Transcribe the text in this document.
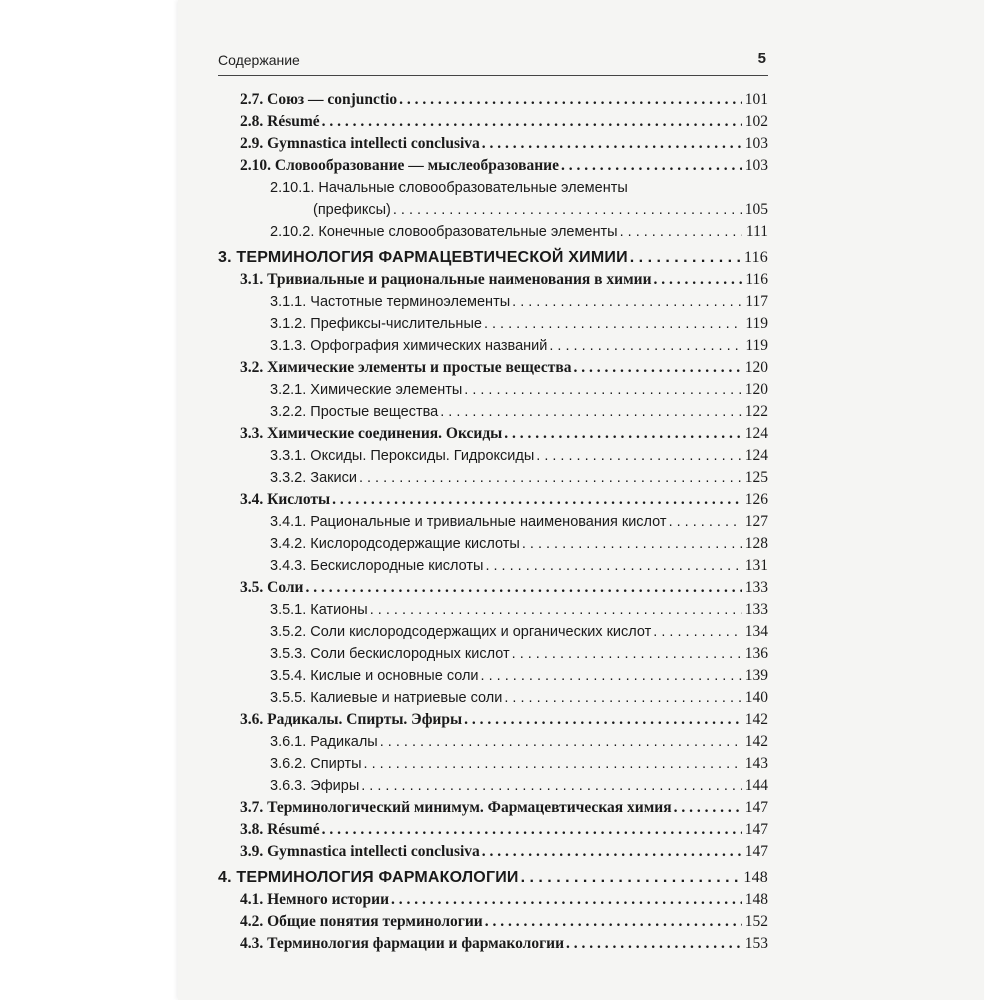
Содержание	5
2.7. Союз — conjunctio . . .	101
2.8. Résumé . . .	102
2.9. Gymnastica intellecti conclusiva . . .	103
2.10. Словообразование — мыслеобразование . . .	103
2.10.1. Начальные словообразовательные элементы
(префиксы) . . .	105
2.10.2. Конечные словообразовательные элементы . . .	111
3. ТЕРМИНОЛОГИЯ ФАРМАЦЕВТИЧЕСКОЙ ХИМИИ . . .	116
3.1. Тривиальные и рациональные наименования в химии . . .	116
3.1.1. Частотные терминоэлементы . . .	117
3.1.2. Префиксы-числительные . . .	119
3.1.3. Орфография химических названий . . .	119
3.2. Химические элементы и простые вещества . . .	120
3.2.1. Химические элементы . . .	120
3.2.2. Простые вещества . . .	122
3.3. Химические соединения. Оксиды . . .	124
3.3.1. Оксиды. Пероксиды. Гидроксиды . . .	124
3.3.2. Закиси . . .	125
3.4. Кислоты . . .	126
3.4.1. Рациональные и тривиальные наименования кислот . . .	127
3.4.2. Кислородсодержащие кислоты . . .	128
3.4.3. Бескислородные кислоты . . .	131
3.5. Соли . . .	133
3.5.1. Катионы . . .	133
3.5.2. Соли кислородсодержащих и органических кислот . . .	134
3.5.3. Соли бескислородных кислот . . .	136
3.5.4. Кислые и основные соли . . .	139
3.5.5. Калиевые и натриевые соли . . .	140
3.6. Радикалы. Спирты. Эфиры . . .	142
3.6.1. Радикалы . . .	142
3.6.2. Спирты . . .	143
3.6.3. Эфиры . . .	144
3.7. Терминологический минимум. Фармацевтическая химия . . .	147
3.8. Résumé . . .	147
3.9. Gymnastica intellecti conclusiva . . .	147
4. ТЕРМИНОЛОГИЯ ФАРМАКОЛОГИИ . . .	148
4.1. Немного истории . . .	148
4.2. Общие понятия терминологии . . .	152
4.3. Терминология фармации и фармакологии . . .	153
